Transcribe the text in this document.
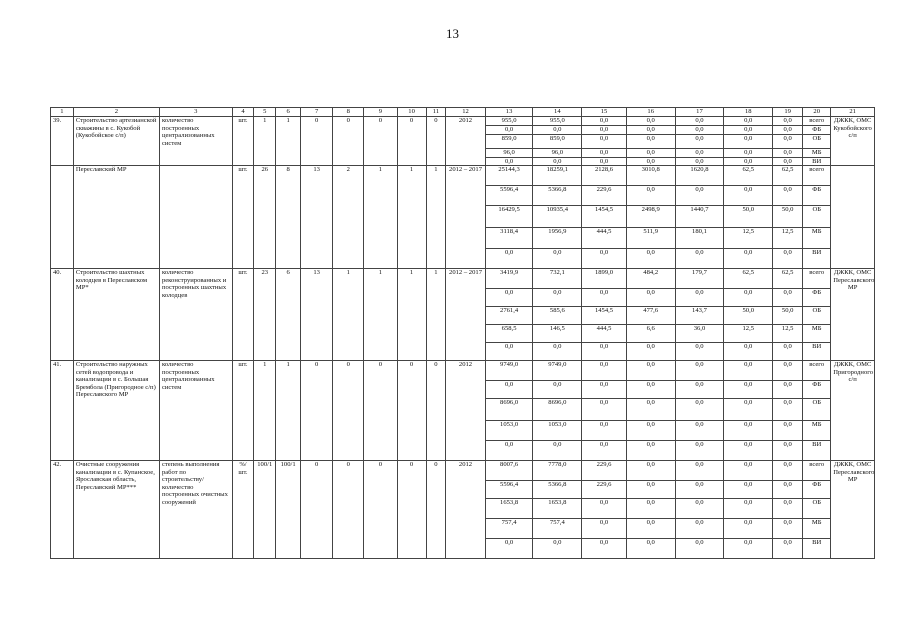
13
1	2	3	4	5	6	7	8	9	10	11	12	13	14	15	16	17	18	19	20	21
39.	Строительство артезианской скважины в с. Кукобой (Кукобойское с/п)	количество построенных централизованных систем	шт.	1	1	0	0	0	0	0	2012	955,0	955,0	0,0	0,0	0,0	0,0	0,0	всего	ДЖКК, ОМС Кукобойского с/п
												0,0	0,0	0,0	0,0	0,0	0,0	0,0	ФБ	
												859,0	859,0	0,0	0,0	0,0	0,0	0,0	ОБ	
												96,0	96,0	0,0	0,0	0,0	0,0	0,0	МБ	
												0,0	0,0	0,0	0,0	0,0	0,0	0,0	ВИ	
	Переславский МР		шт.	26	8	13	2	1	1	1	2012 – 2017	25144,3	18259,1	2128,6	3010,8	1620,8	62,5	62,5	всего	
												5596,4	5366,8	229,6	0,0	0,0	0,0	0,0	ФБ	
												16429,5	10935,4	1454,5	2498,9	1440,7	50,0	50,0	ОБ	
												3118,4	1956,9	444,5	511,9	180,1	12,5	12,5	МБ	
												0,0	0,0	0,0	0,0	0,0	0,0	0,0	ВИ	
40.	Строительство шахтных колодцев в Переславском МР*	количество реконструированных и построенных шахтных колодцев	шт.	23	6	13	1	1	1	1	2012 – 2017	3419,9	732,1	1899,0	484,2	179,7	62,5	62,5	всего	ДЖКК, ОМС Переславского МР
												0,0	0,0	0,0	0,0	0,0	0,0	0,0	ФБ	
												2761,4	585,6	1454,5	477,6	143,7	50,0	50,0	ОБ	
												658,5	146,5	444,5	6,6	36,0	12,5	12,5	МБ	
												0,0	0,0	0,0	0,0	0,0	0,0	0,0	ВИ	
41.	Строительство наружных сетей водопровода и канализации в с. Большая Брембола (Пригородное с/п) Переславского МР	количество построенных централизованных систем	шт.	1	1	0	0	0	0	0	2012	9749,0	9749,0	0,0	0,0	0,0	0,0	0,0	всего	ДЖКК, ОМС Пригородного с/п
												0,0	0,0	0,0	0,0	0,0	0,0	0,0	ФБ	
												8696,0	8696,0	0,0	0,0	0,0	0,0	0,0	ОБ	
												1053,0	1053,0	0,0	0,0	0,0	0,0	0,0	МБ	
												0,0	0,0	0,0	0,0	0,0	0,0	0,0	ВИ	
42.	Очистные сооружения канализации в с. Купанское, Ярославская область, Переславский МР***	степень выполнения работ по строительству/ количество построенных очистных сооружений	%/ шт.	100/1	100/1	0	0	0	0	0	2012	8007,6	7778,0	229,6	0,0	0,0	0,0	0,0	всего	ДЖКК, ОМС Переславского МР
												5596,4	5366,8	229,6	0,0	0,0	0,0	0,0	ФБ	
												1653,8	1653,8	0,0	0,0	0,0	0,0	0,0	ОБ	
												757,4	757,4	0,0	0,0	0,0	0,0	0,0	МБ	
												0,0	0,0	0,0	0,0	0,0	0,0	0,0	ВИ	
